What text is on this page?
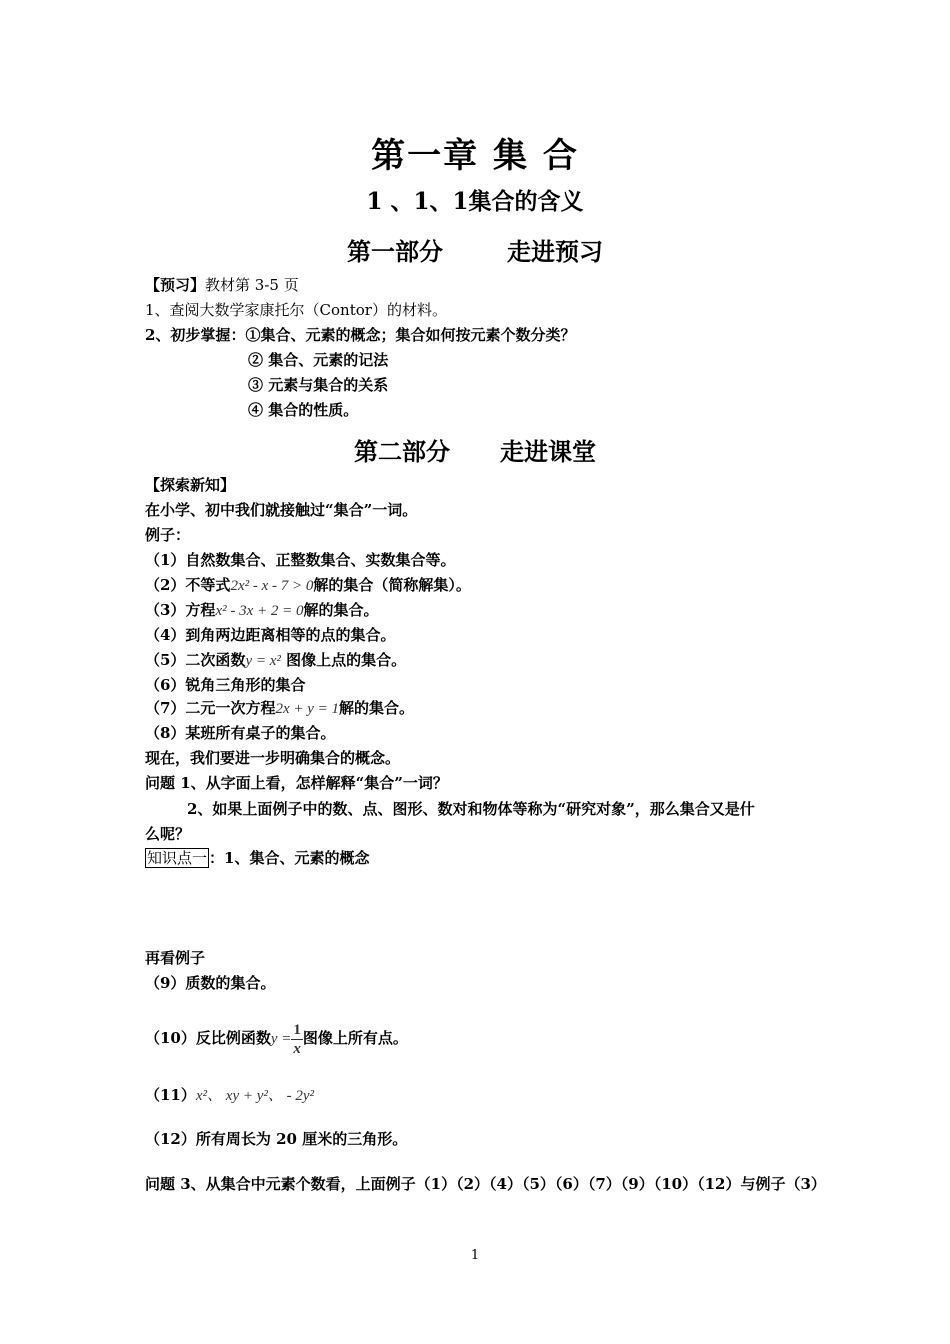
第一章 集 合
1 、1、1集合的含义
第一部分	走进预习
【预习】教材第 3-5 页
1、查阅大数学家康托尔（Contor）的材料。
2、初步掌握：①集合、元素的概念；集合如何按元素个数分类？
② 集合、元素的记法
③ 元素与集合的关系
④ 集合的性质。
第二部分 走进课堂
【探索新知】
在小学、初中我们就接触过“集合”一词。
例子：
（1）自然数集合、正整数集合、实数集合等。
（2）不等式2x² - x - 7 > 0解的集合（简称解集）。
（3）方程x² - 3x + 2 = 0解的集合。
（4）到角两边距离相等的点的集合。
（5）二次函数y = x² 图像上点的集合。
（6）锐角三角形的集合
（7）二元一次方程2x + y = 1解的集合。
（8）某班所有桌子的集合。
现在，我们要进一步明确集合的概念。
问题 1、从字面上看，怎样解释“集合”一词？
2、如果上面例子中的数、点、图形、数对和物体等称为“研究对象”，那么集合又是什
么呢？
知识点一 ：1、集合、元素的概念
再看例子
（9）质数的集合。
（10）反比例函数$y = \frac{1}{x}$ 图像上所有点。
（11）x²、 xy + y²、 - 2y²
（12）所有周长为 20 厘米的三角形。
问题 3、从集合中元素个数看，上面例子（1）（2）（4）（5）（6）（7）（9）（10）（12）与例子（3）
1
